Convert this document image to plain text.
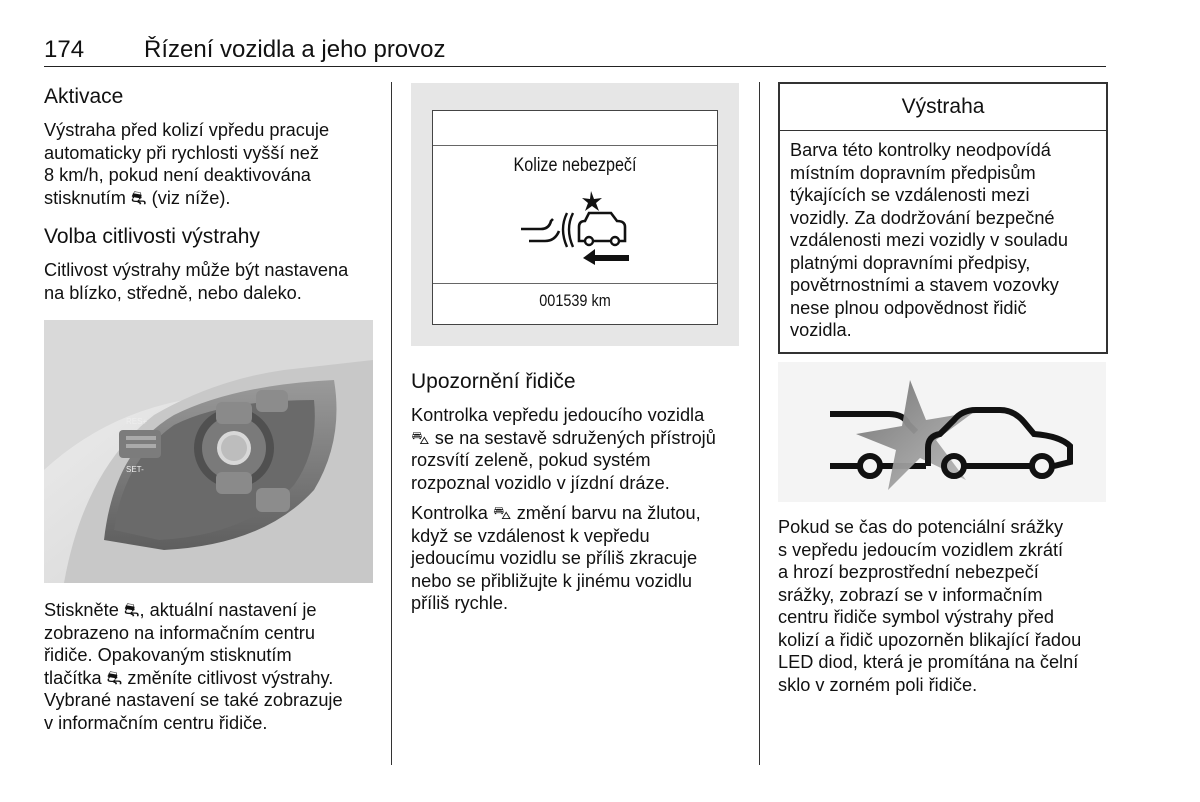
174 Řízení vozidla a jeho provoz
Aktivace

Výstraha před kolizí vpředu pracuje

automaticky při rychlosti vyšší než

8 km/h, pokud není deaktivována

stisknutím ⛐ (viz níže).

Volba citlivosti výstrahy

Citlivost výstrahy může být nastavena

na blízko, středně, nebo daleko.

RES+
SET-

Stiskněte ⛐, aktuální nastavení je

zobrazeno na informačním centru

řidiče. Opakovaným stisknutím

tlačítka ⛐ změníte citlivost výstrahy.

Vybrané nastavení se také zobrazuje

v informačním centru řidiče.

Kolize nebezpečí
001539 km
Upozornění řidiče

Kontrolka vepředu jedoucího vozidla

⛍ se na sestavě sdružených přístrojů

rozsvítí zeleně, pokud systém

rozpoznal vozidlo v jízdní dráze.

Kontrolka ⛍ změní barvu na žlutou,

když se vzdálenost k vepředu

jedoucímu vozidlu se příliš zkracuje

nebo se přibližujte k jinému vozidlu

příliš rychle.

Výstraha

Barva této kontrolky neodpovídá

místním dopravním předpisům

týkajících se vzdálenosti mezi

vozidly. Za dodržování bezpečné

vzdálenosti mezi vozidly v souladu

platnými dopravními předpisy,

povětrnostními a stavem vozovky

nese plnou odpovědnost řidič

vozidla.

Pokud se čas do potenciální srážky

s vepředu jedoucím vozidlem zkrátí

a hrozí bezprostřední nebezpečí

srážky, zobrazí se v informačním

centru řidiče symbol výstrahy před

kolizí a řidič upozorněn blikající řadou

LED diod, která je promítána na čelní

sklo v zorném poli řidiče.
